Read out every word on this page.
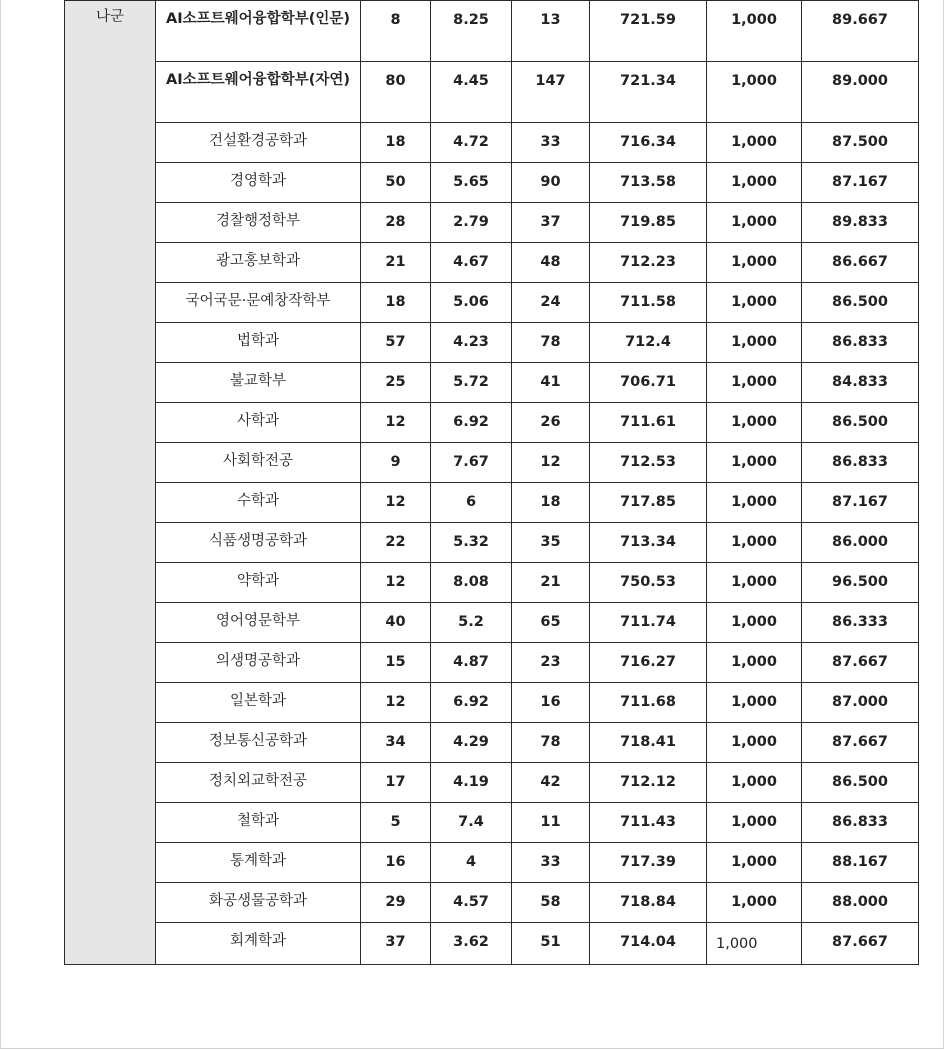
나군	AI소프트웨어융합학부(인문)	8	8.25	13	721.59	1,000	89.667
	AI소프트웨어융합학부(자연)	80	4.45	147	721.34	1,000	89.000
	건설환경공학과	18	4.72	33	716.34	1,000	87.500
	경영학과	50	5.65	90	713.58	1,000	87.167
	경찰행정학부	28	2.79	37	719.85	1,000	89.833
	광고홍보학과	21	4.67	48	712.23	1,000	86.667
	국어국문·문예창작학부	18	5.06	24	711.58	1,000	86.500
	법학과	57	4.23	78	712.4	1,000	86.833
	불교학부	25	5.72	41	706.71	1,000	84.833
	사학과	12	6.92	26	711.61	1,000	86.500
	사회학전공	9	7.67	12	712.53	1,000	86.833
	수학과	12	6	18	717.85	1,000	87.167
	식품생명공학과	22	5.32	35	713.34	1,000	86.000
	약학과	12	8.08	21	750.53	1,000	96.500
	영어영문학부	40	5.2	65	711.74	1,000	86.333
	의생명공학과	15	4.87	23	716.27	1,000	87.667
	일본학과	12	6.92	16	711.68	1,000	87.000
	정보통신공학과	34	4.29	78	718.41	1,000	87.667
	정치외교학전공	17	4.19	42	712.12	1,000	86.500
	철학과	5	7.4	11	711.43	1,000	86.833
	통계학과	16	4	33	717.39	1,000	88.167
	화공생물공학과	29	4.57	58	718.84	1,000	88.000
	회계학과	37	3.62	51	714.04	1,000	87.667
